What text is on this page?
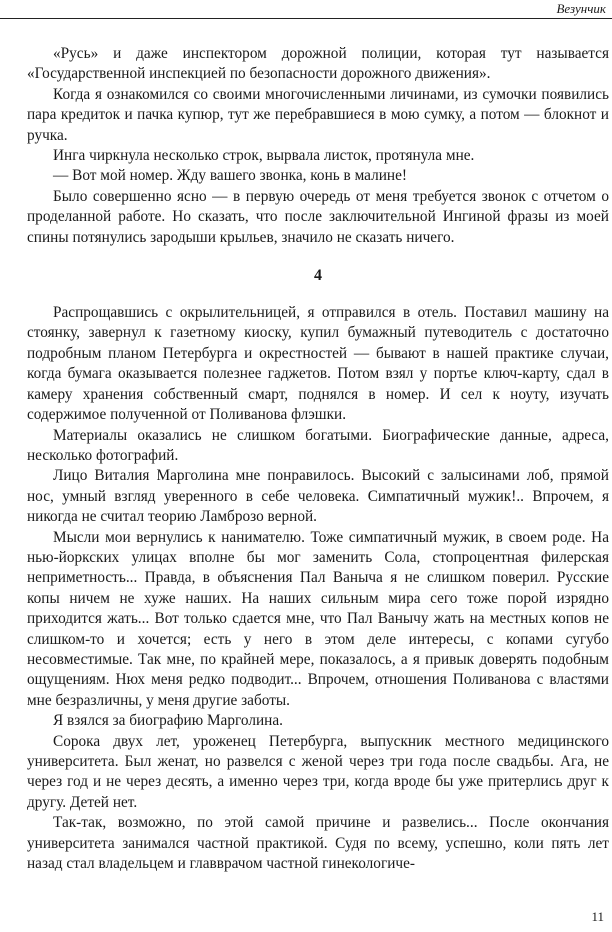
Везунчик

«Русь» и даже инспектором дорожной полиции, которая тут называется «Государственной инспекцией по безопасности дорожного движения».

Когда я ознакомился со своими многочисленными личинами, из сумочки появились пара кредиток и пачка купюр, тут же перебравшиеся в мою сумку, а потом — блокнот и ручка.

Инга чиркнула несколько строк, вырвала листок, протянула мне.

— Вот мой номер. Жду вашего звонка, конь в малине!

Было совершенно ясно — в первую очередь от меня требуется звонок с отчетом о проделанной работе. Но сказать, что после заключительной Ингиной фразы из моей спины потянулись зародыши крыльев, значило не сказать ничего.

4

Распрощавшись с окрылительницей, я отправился в отель. Поставил машину на стоянку, завернул к газетному киоску, купил бумажный путеводитель с достаточно подробным планом Петербурга и окрестностей — бывают в нашей практике случаи, когда бумага оказывается полезнее гаджетов. Потом взял у портье ключ-карту, сдал в камеру хранения собственный смарт, поднялся в номер. И сел к ноуту, изучать содержимое полученной от Поливанова флэшки.

Материалы оказались не слишком богатыми. Биографические данные, адреса, несколько фотографий.

Лицо Виталия Марголина мне понравилось. Высокий с залысинами лоб, прямой нос, умный взгляд уверенного в себе человека. Симпатичный мужик!.. Впрочем, я никогда не считал теорию Ламброзо верной.

Мысли мои вернулись к нанимателю. Тоже симпатичный мужик, в своем роде. На нью-йоркских улицах вполне бы мог заменить Сола, стопроцентная филерская неприметность... Правда, в объяснения Пал Ваныча я не слишком поверил. Русские копы ничем не хуже наших. На наших сильным мира сего тоже порой изрядно приходится жать... Вот только сдается мне, что Пал Ванычу жать на местных копов не слишком-то и хочется; есть у него в этом деле интересы, с копами сугубо несовместимые. Так мне, по крайней мере, показалось, а я привык доверять подобным ощущениям. Нюх меня редко подводит... Впрочем, отношения Поливанова с властями мне безразличны, у меня другие заботы.

Я взялся за биографию Марголина.

Сорока двух лет, уроженец Петербурга, выпускник местного медицинского университета. Был женат, но развелся с женой через три года после свадьбы. Ага, не через год и не через десять, а именно через три, когда вроде бы уже притерлись друг к другу. Детей нет.

Так-так, возможно, по этой самой причине и развелись... После окончания университета занимался частной практикой. Судя по всему, успешно, коли пять лет назад стал владельцем и главврачом частной гинекологиче-

11
